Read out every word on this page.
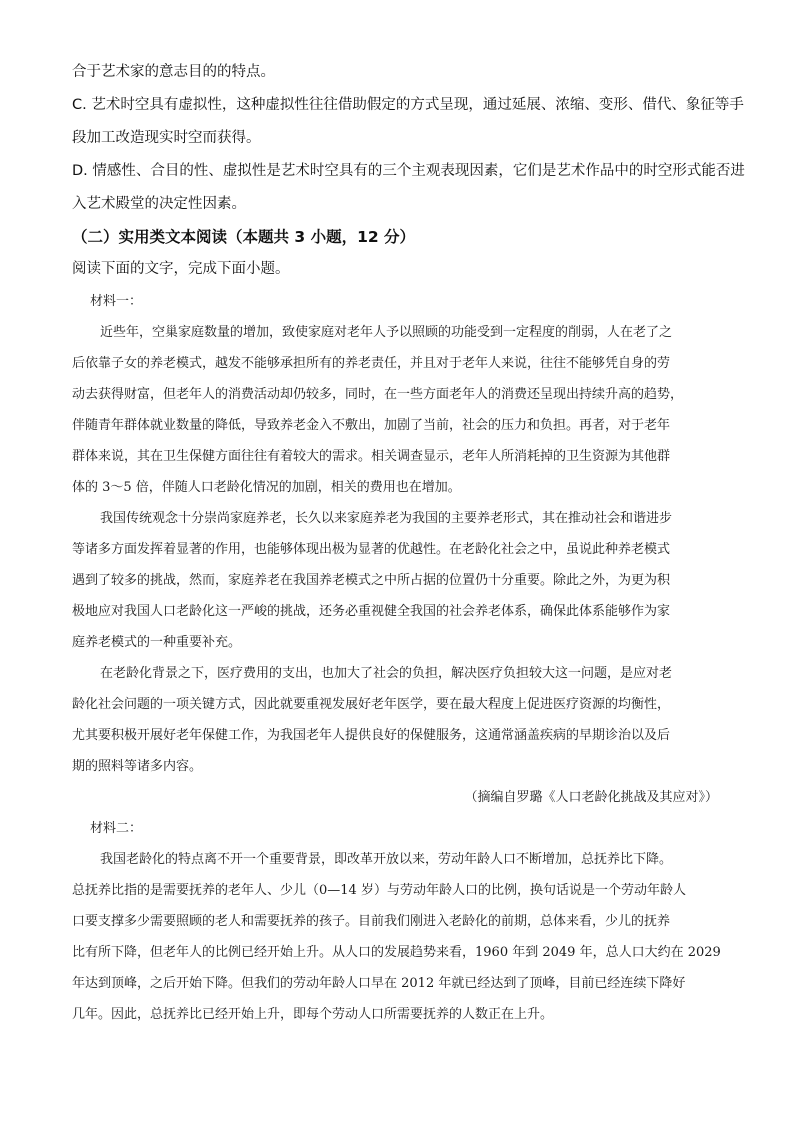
合于艺术家的意志目的的特点。

C. 艺术时空具有虚拟性，这种虚拟性往往借助假定的方式呈现，通过延展、浓缩、变形、借代、象征等手

段加工改造现实时空而获得。

D. 情感性、合目的性、虚拟性是艺术时空具有的三个主观表现因素，它们是艺术作品中的时空形式能否进

入艺术殿堂的决定性因素。

（二）实用类文本阅读（本题共 3 小题，12 分）

阅读下面的文字，完成下面小题。

材料一：
近些年，空巢家庭数量的增加，致使家庭对老年人予以照顾的功能受到一定程度的削弱，人在老了之
后依靠子女的养老模式，越发不能够承担所有的养老责任，并且对于老年人来说，往往不能够凭自身的劳
动去获得财富，但老年人的消费活动却仍较多，同时，在一些方面老年人的消费还呈现出持续升高的趋势，
伴随青年群体就业数量的降低，导致养老金入不敷出，加剧了当前，社会的压力和负担。再者，对于老年
群体来说，其在卫生保健方面往往有着较大的需求。相关调查显示，老年人所消耗掉的卫生资源为其他群
体的 3～5 倍，伴随人口老龄化情况的加剧，相关的费用也在增加。
我国传统观念十分崇尚家庭养老，长久以来家庭养老为我国的主要养老形式，其在推动社会和谐进步
等诸多方面发挥着显著的作用，也能够体现出极为显著的优越性。在老龄化社会之中，虽说此种养老模式
遇到了较多的挑战，然而，家庭养老在我国养老模式之中所占据的位置仍十分重要。除此之外，为更为积
极地应对我国人口老龄化这一严峻的挑战，还务必重视健全我国的社会养老体系，确保此体系能够作为家
庭养老模式的一种重要补充。
在老龄化背景之下，医疗费用的支出，也加大了社会的负担，解决医疗负担较大这一问题，是应对老
龄化社会问题的一项关键方式，因此就要重视发展好老年医学，要在最大程度上促进医疗资源的均衡性，
尤其要积极开展好老年保健工作，为我国老年人提供良好的保健服务，这通常涵盖疾病的早期诊治以及后
期的照料等诸多内容。
（摘编自罗璐《人口老龄化挑战及其应对》）
材料二：
我国老龄化的特点离不开一个重要背景，即改革开放以来，劳动年龄人口不断增加，总抚养比下降。
总抚养比指的是需要抚养的老年人、少儿（0—14 岁）与劳动年龄人口的比例，换句话说是一个劳动年龄人
口要支撑多少需要照顾的老人和需要抚养的孩子。目前我们刚进入老龄化的前期，总体来看，少儿的抚养
比有所下降，但老年人的比例已经开始上升。从人口的发展趋势来看，1960 年到 2049 年，总人口大约在 2029
年达到顶峰，之后开始下降。但我们的劳动年龄人口早在 2012 年就已经达到了顶峰，目前已经连续下降好
几年。因此，总抚养比已经开始上升，即每个劳动人口所需要抚养的人数正在上升。
